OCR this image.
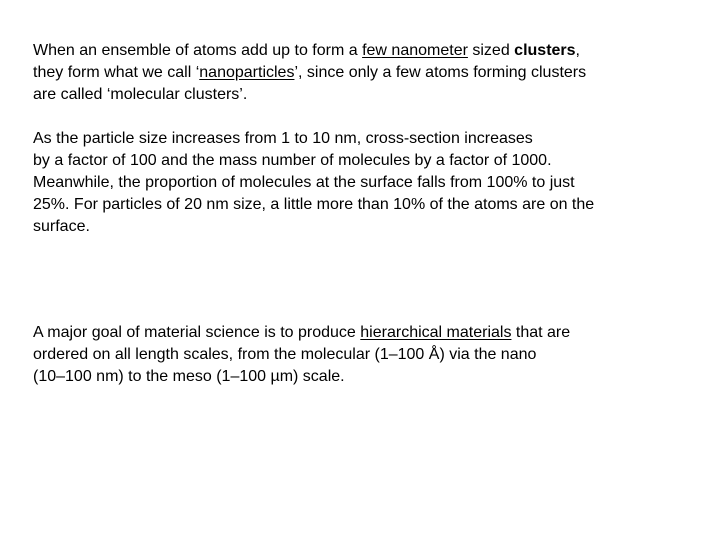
When an ensemble of atoms add up to form a few nanometer sized clusters,
they form what we call ‘nanoparticles’, since only a few atoms forming clusters
are called ‘molecular clusters’.

As the particle size increases from 1 to 10 nm, cross-section increases
by a factor of 100 and the mass number of molecules by a factor of 1000.
Meanwhile, the proportion of molecules at the surface falls from 100% to just
25%. For particles of 20 nm size, a little more than 10% of the atoms are on the
surface.

A major goal of material science is to produce hierarchical materials that are
ordered on all length scales, from the molecular (1–100 Å) via the nano
(10–100 nm) to the meso (1–100 µm) scale.
